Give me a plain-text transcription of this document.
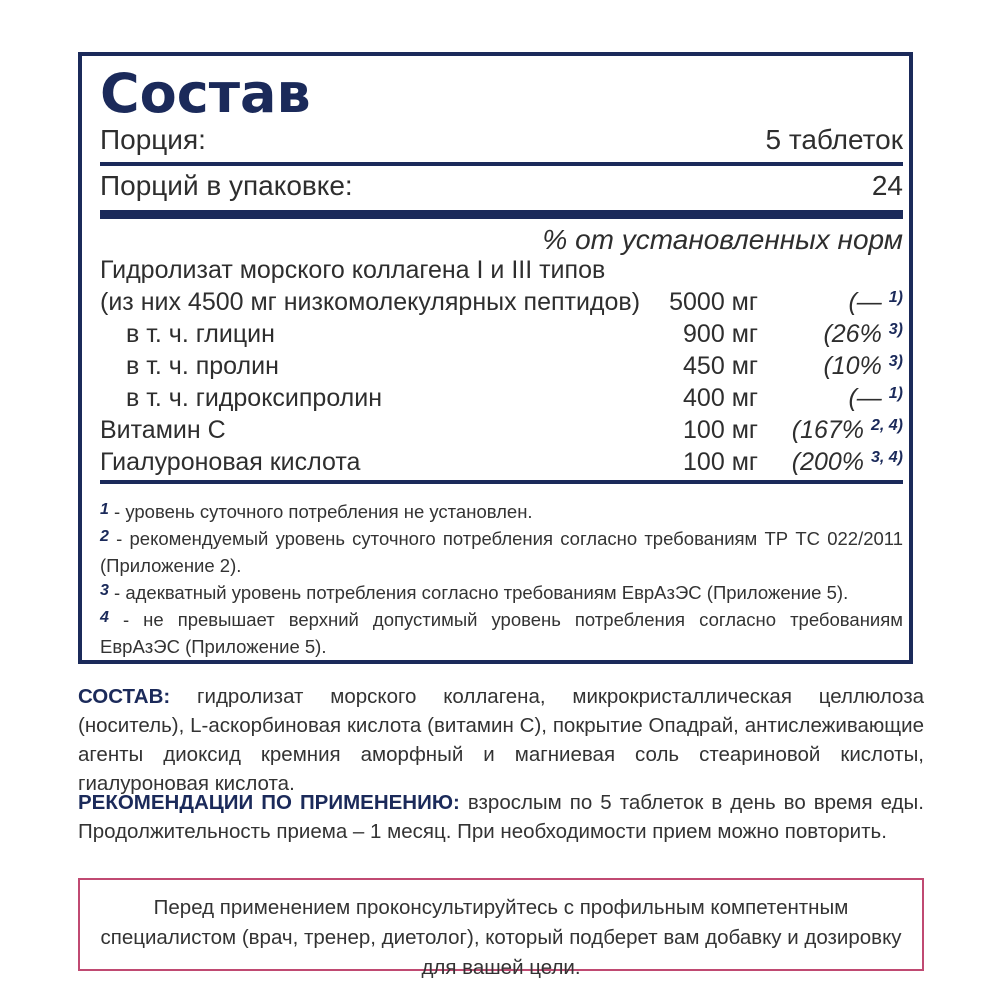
Состав
Порция:	5 таблеток
Порций в упаковке:	24
% от установленных норм
Гидролизат морского коллагена I и III типов
(из них 4500 мг низкомолекулярных пептидов) 5000 мг	(— $^{1)}$
в т. ч. глицин	900 мг	(26% $^{3)}$
в т. ч. пролин	450 мг	(10% $^{3)}$
в т. ч. гидроксипролин	400 мг	(— $^{1)}$
Витамин С	100 мг (167% $^{2, 4)}$
Гиалуроновая кислота	100 мг (200% $^{3, 4)}$
$^1$ - уровень суточного потребления не установлен.
$^2$ - рекомендуемый уровень суточного потребления согласно требованиям ТР ТС 022/2011 (Приложение 2).
$^3$ - адекватный уровень потребления согласно требованиям ЕврАзЭС (Приложение 5).
$^4$ - не превышает верхний допустимый уровень потребления согласно требованиям ЕврАзЭС (Приложение 5).
СОСТАВ: гидролизат морского коллагена, микрокристаллическая целлюлоза (носитель), L-аскорбиновая кислота (витамин С), покрытие Опадрай, антислеживающие агенты диоксид кремния аморфный и магниевая соль стеариновой кислоты, гиалуроновая кислота.
РЕКОМЕНДАЦИИ ПО ПРИМЕНЕНИЮ: взрослым по 5 таблеток в день во время еды. Продолжительность приема – 1 месяц. При необходимости прием можно повторить.
Перед применением проконсультируйтесь с профильным компетентным специалистом (врач, тренер, диетолог), который подберет вам добавку и дозировку для вашей цели.
